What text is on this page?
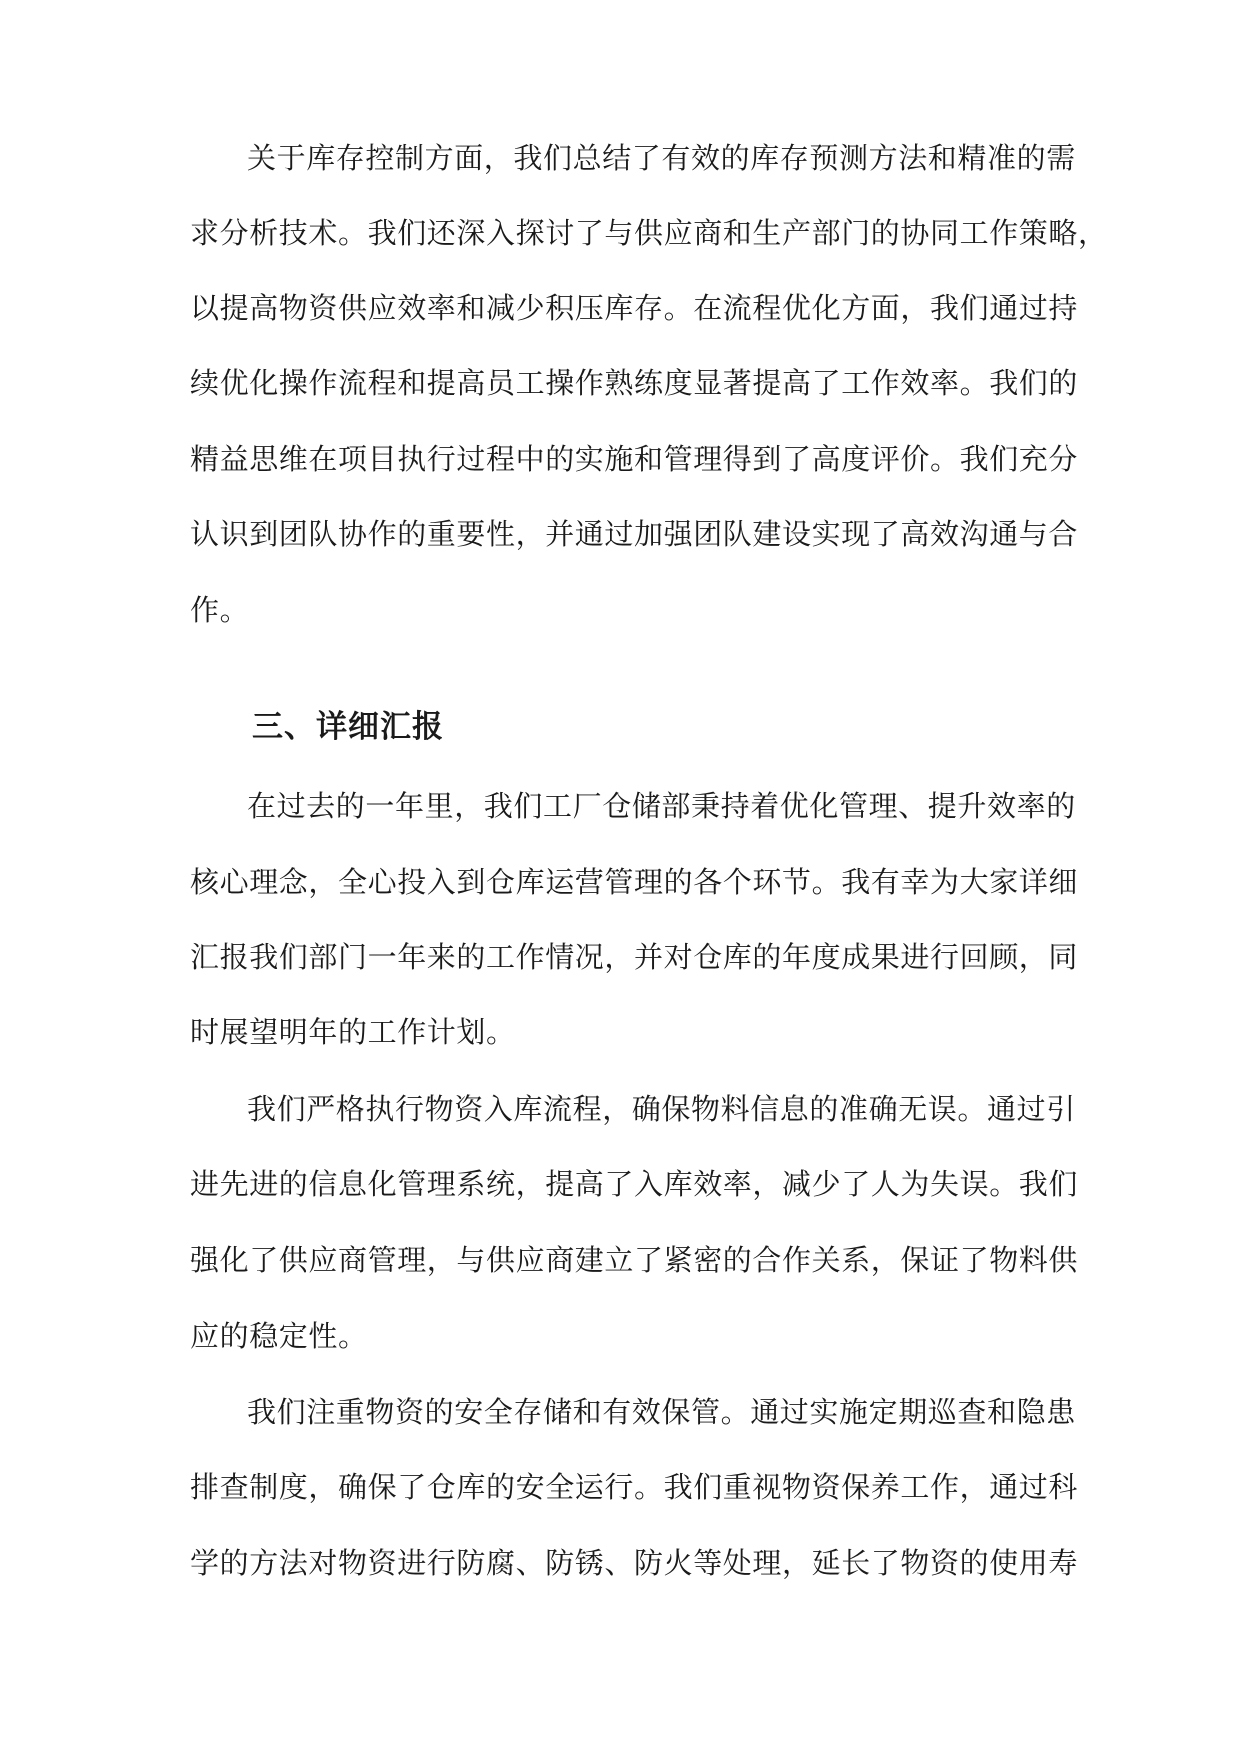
关于库存控制方面，我们总结了有效的库存预测方法和精准的需
求分析技术。我们还深入探讨了与供应商和生产部门的协同工作策略，
以提高物资供应效率和减少积压库存。在流程优化方面，我们通过持
续优化操作流程和提高员工操作熟练度显著提高了工作效率。我们的
精益思维在项目执行过程中的实施和管理得到了高度评价。我们充分
认识到团队协作的重要性，并通过加强团队建设实现了高效沟通与合
作。
三、详细汇报
在过去的一年里，我们工厂仓储部秉持着优化管理、提升效率的
核心理念，全心投入到仓库运营管理的各个环节。我有幸为大家详细
汇报我们部门一年来的工作情况，并对仓库的年度成果进行回顾，同
时展望明年的工作计划。
我们严格执行物资入库流程，确保物料信息的准确无误。通过引
进先进的信息化管理系统，提高了入库效率，减少了人为失误。我们
强化了供应商管理，与供应商建立了紧密的合作关系，保证了物料供
应的稳定性。
我们注重物资的安全存储和有效保管。通过实施定期巡查和隐患
排查制度，确保了仓库的安全运行。我们重视物资保养工作，通过科
学的方法对物资进行防腐、防锈、防火等处理，延长了物资的使用寿
